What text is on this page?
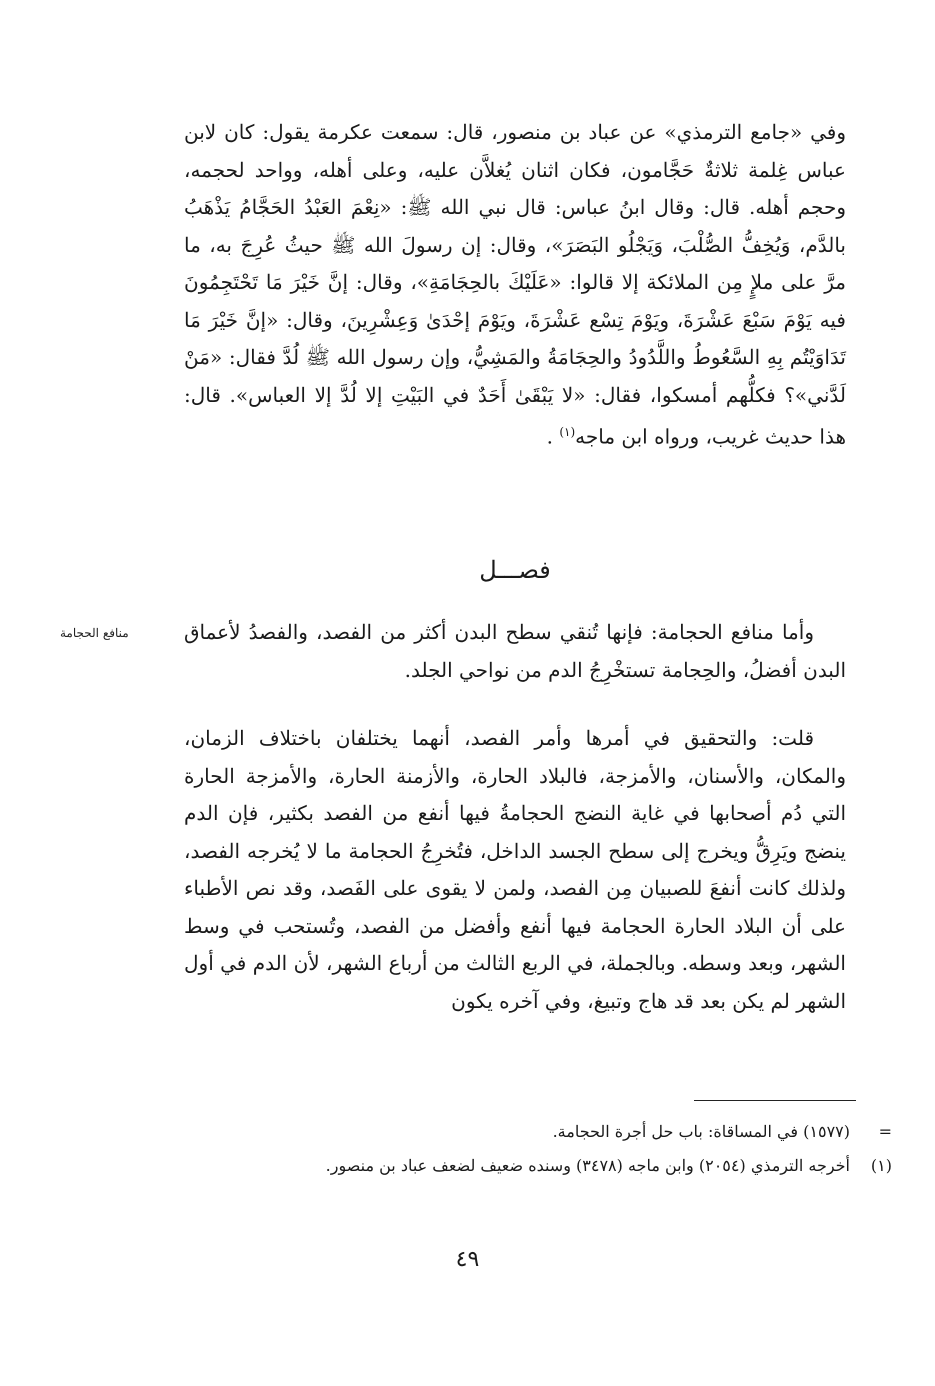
وفي «جامع الترمذي» عن عباد بن منصور، قال: سمعت عكرمة يقول: كان لابن عباس غِلمة ثلاثةٌ حَجَّامون، فكان اثنان يُغلاَّن عليه، وعلى أهله، وواحد لحجمه، وحجم أهله. قال: وقال ابنُ عباس: قال نبي الله ﷺ: «نِعْمَ العَبْدُ الحَجَّامُ يَذْهَبُ بالدَّم، وَيُخِفُّ الصُّلْبَ، وَيَجْلُو البَصَرَ»، وقال: إن رسولَ الله ﷺ حيثُ عُرِجَ به، ما مرَّ على ملإٍ مِن الملائكة إلا قالوا: «عَلَيْكَ بالحِجَامَةِ»، وقال: إنَّ خَيْرَ مَا تَحْتَجِمُونَ فيه يَوْمَ سَبْعَ عَشْرَةَ، ويَوْمَ تِسْع عَشْرَةَ، ويَوْمَ إحْدَىٰ وَعِشْرِينَ، وقال: «إنَّ خَيْرَ مَا تَدَاوَيْتُم بِهِ السَّعُوطُ واللَّدُودُ والحِجَامَةُ والمَشِيُّ، وإن رسول الله ﷺ لُدَّ فقال: «مَنْ لَدَّني»؟ فكلُّهم أمسكوا، فقال: «لا يَبْقَىٰ أَحَدٌ في البَيْتِ إلا لُدَّ إلا العباس». قال: هذا حديث غريب، ورواه ابن ماجه$^{(١)}$ .
فصـــل
منافع الحجامة	وأما منافع الحجامة: فإنها تُنقي سطح البدن أكثر من الفصد، والفصدُ لأعماق البدن أفضلُ، والحِجامة تستخْرِجُ الدم من نواحي الجلد.
قلت: والتحقيق في أمرها وأمر الفصد، أنهما يختلفان باختلاف الزمان، والمكان، والأسنان، والأمزجة، فالبلاد الحارة، والأزمنة الحارة، والأمزجة الحارة التي دُم أصحابها في غاية النضج الحجامةُ فيها أنفع من الفصد بكثير، فإن الدم ينضج ويَرِقُّ ويخرج إلى سطح الجسد الداخل، فتُخرِجُ الحجامة ما لا يُخرجه الفصد، ولذلك كانت أنفعَ للصبيان مِن الفصد، ولمن لا يقوى على الفَصد، وقد نص الأطباء على أن البلاد الحارة الحجامة فيها أنفع وأفضل من الفصد، وتُستحب في وسط الشهر، وبعد وسطه. وبالجملة، في الربع الثالث من أرباع الشهر، لأن الدم في أول الشهر لم يكن بعد قد هاج وتبيغ، وفي آخره يكون
=(١٥٧٧) في المساقاة: باب حل أجرة الحجامة.
(١)أخرجه الترمذي (٢٠٥٤) وابن ماجه (٣٤٧٨) وسنده ضعيف لضعف عباد بن منصور.
٤٩
